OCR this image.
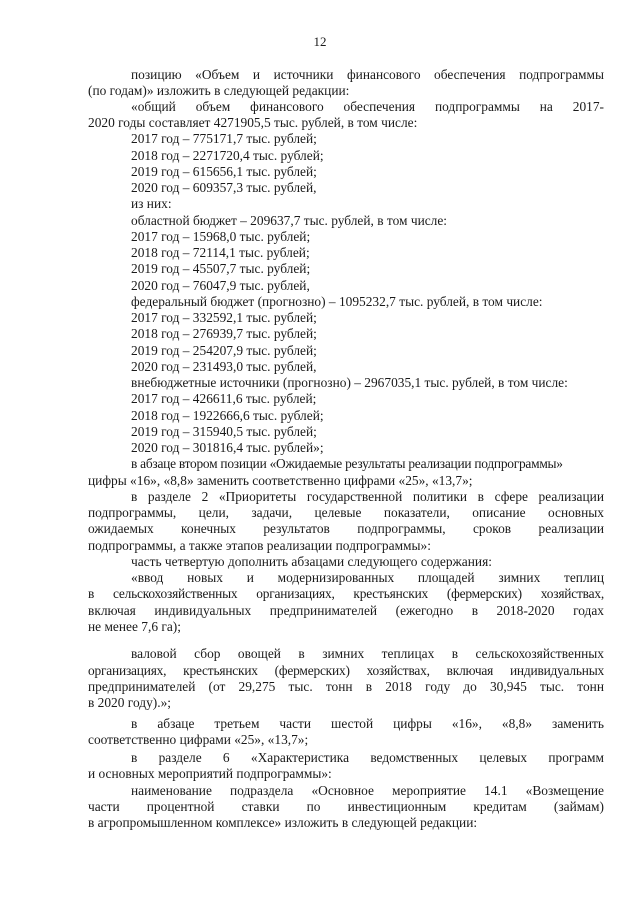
12
позицию «Объем и источники финансового обеспечения подпрограммы
(по годам)» изложить в следующей редакции:
«общий объем финансового обеспечения подпрограммы на 2017-
2020 годы составляет 4271905,5 тыс. рублей, в том числе:
2017 год – 775171,7 тыс. рублей;
2018 год – 2271720,4 тыс. рублей;
2019 год – 615656,1 тыс. рублей;
2020 год – 609357,3 тыс. рублей,
из них:
областной бюджет – 209637,7 тыс. рублей, в том числе:
2017 год – 15968,0 тыс. рублей;
2018 год – 72114,1 тыс. рублей;
2019 год – 45507,7 тыс. рублей;
2020 год – 76047,9 тыс. рублей,
федеральный бюджет (прогнозно) – 1095232,7 тыс. рублей, в том числе:
2017 год – 332592,1 тыс. рублей;
2018 год – 276939,7 тыс. рублей;
2019 год – 254207,9 тыс. рублей;
2020 год – 231493,0 тыс. рублей,
внебюджетные источники (прогнозно) – 2967035,1 тыс. рублей, в том числе:
2017 год – 426611,6 тыс. рублей;
2018 год – 1922666,6 тыс. рублей;
2019 год – 315940,5 тыс. рублей;
2020 год – 301816,4 тыс. рублей»;
в абзаце втором позиции «Ожидаемые результаты реализации подпрограммы»
цифры «16», «8,8» заменить соответственно цифрами «25», «13,7»;
в разделе 2 «Приоритеты государственной политики в сфере реализации
подпрограммы, цели, задачи, целевые показатели, описание основных
ожидаемых конечных результатов подпрограммы, сроков реализации
подпрограммы, а также этапов реализации подпрограммы»:
часть четвертую дополнить абзацами следующего содержания:
«ввод новых и модернизированных площадей зимних теплиц
в сельскохозяйственных организациях, крестьянских (фермерских) хозяйствах,
включая индивидуальных предпринимателей (ежегодно в 2018-2020 годах
не менее 7,6 га);
валовой сбор овощей в зимних теплицах в сельскохозяйственных
организациях, крестьянских (фермерских) хозяйствах, включая индивидуальных
предпринимателей (от 29,275 тыс. тонн в 2018 году до 30,945 тыс. тонн
в 2020 году).»;
в абзаце третьем части шестой цифры «16», «8,8» заменить
соответственно цифрами «25», «13,7»;
в разделе 6 «Характеристика ведомственных целевых программ
и основных мероприятий подпрограммы»:
наименование подраздела «Основное мероприятие 14.1 «Возмещение
части процентной ставки по инвестиционным кредитам (займам)
в агропромышленном комплексе» изложить в следующей редакции:
